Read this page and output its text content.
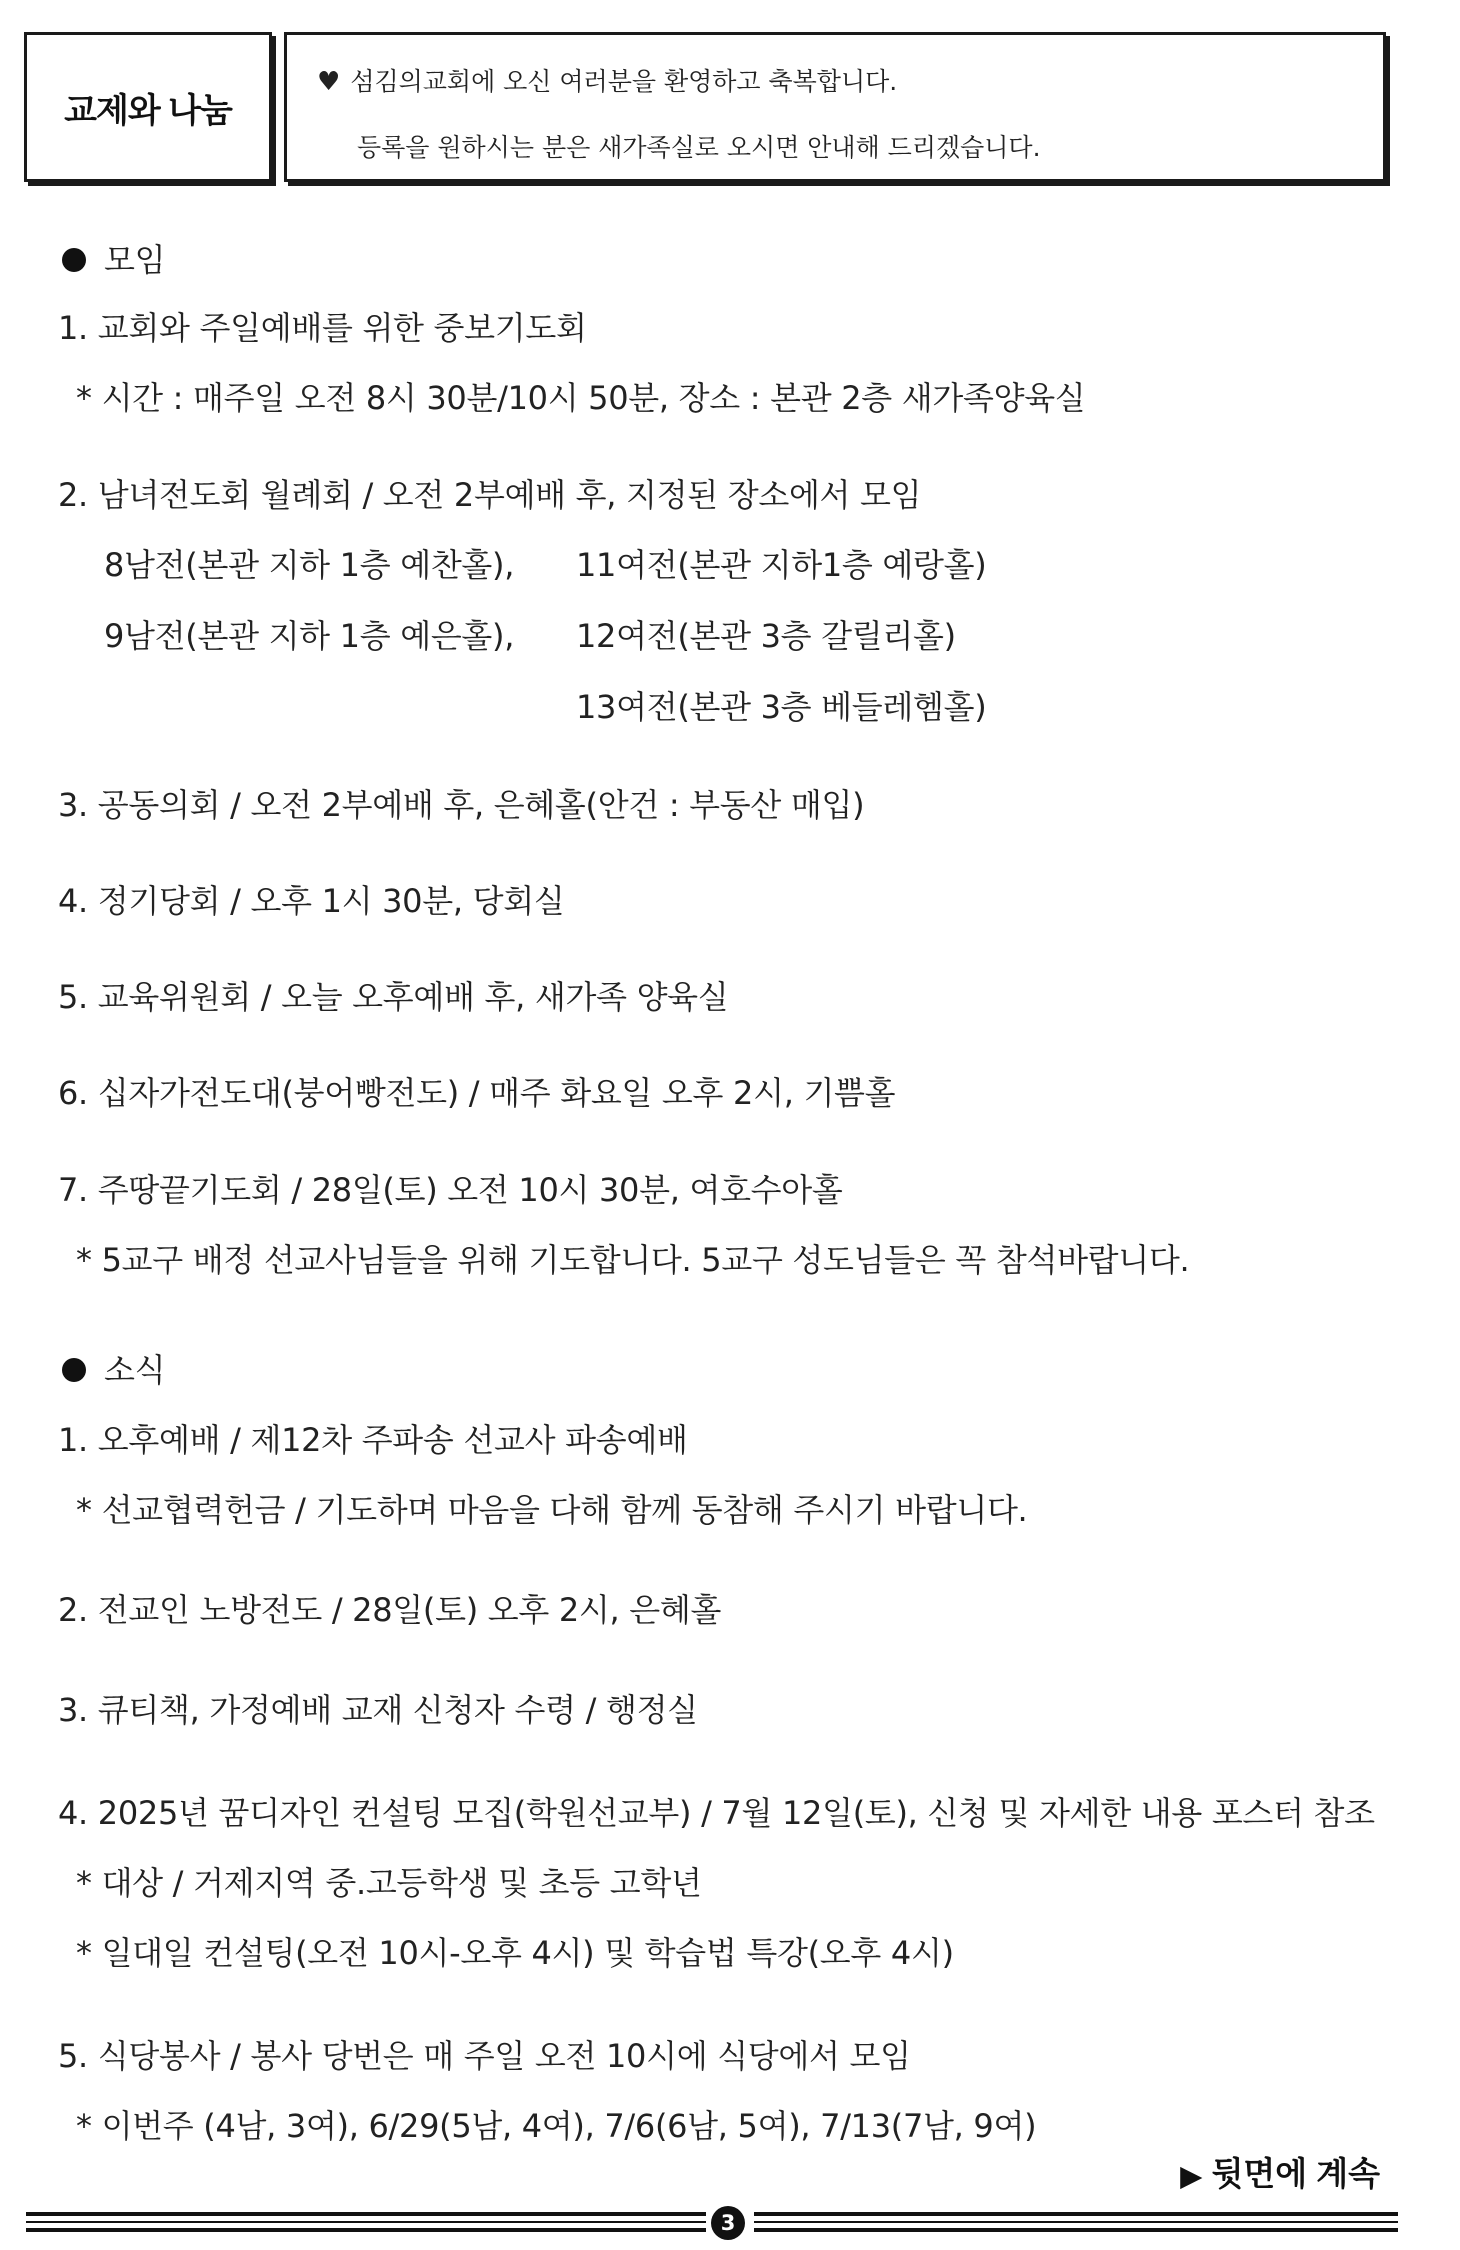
교제와 나눔
♥ 섬김의교회에 오신 여러분을 환영하고 축복합니다.
등록을 원하시는 분은 새가족실로 오시면 안내해 드리겠습니다.
모임
1. 교회와 주일예배를 위한 중보기도회
* 시간 : 매주일 오전 8시 30분/10시 50분, 장소 : 본관 2층 새가족양육실
2. 남녀전도회 월례회 / 오전 2부예배 후, 지정된 장소에서 모임
8남전(본관 지하 1층 예찬홀), 11여전(본관 지하1층 예랑홀)
9남전(본관 지하 1층 예은홀), 12여전(본관 3층 갈릴리홀)
13여전(본관 3층 베들레헴홀)
3. 공동의회 / 오전 2부예배 후, 은혜홀(안건 : 부동산 매입)
4. 정기당회 / 오후 1시 30분, 당회실
5. 교육위원회 / 오늘 오후예배 후, 새가족 양육실
6. 십자가전도대(붕어빵전도) / 매주 화요일 오후 2시, 기쁨홀
7. 주땅끝기도회 / 28일(토) 오전 10시 30분, 여호수아홀
* 5교구 배정 선교사님들을 위해 기도합니다. 5교구 성도님들은 꼭 참석바랍니다.
소식
1. 오후예배 / 제12차 주파송 선교사 파송예배
* 선교협력헌금 / 기도하며 마음을 다해 함께 동참해 주시기 바랍니다.
2. 전교인 노방전도 / 28일(토) 오후 2시, 은혜홀
3. 큐티책, 가정예배 교재 신청자 수령 / 행정실
4. 2025년 꿈디자인 컨설팅 모집(학원선교부) / 7월 12일(토), 신청 및 자세한 내용 포스터 참조
* 대상 / 거제지역 중.고등학생 및 초등 고학년
* 일대일 컨설팅(오전 10시-오후 4시) 및 학습법 특강(오후 4시)
5. 식당봉사 / 봉사 당번은 매 주일 오전 10시에 식당에서 모임
* 이번주 (4남, 3여), 6/29(5남, 4여), 7/6(6남, 5여), 7/13(7남, 9여)
▶ 뒷면에 계속
3
